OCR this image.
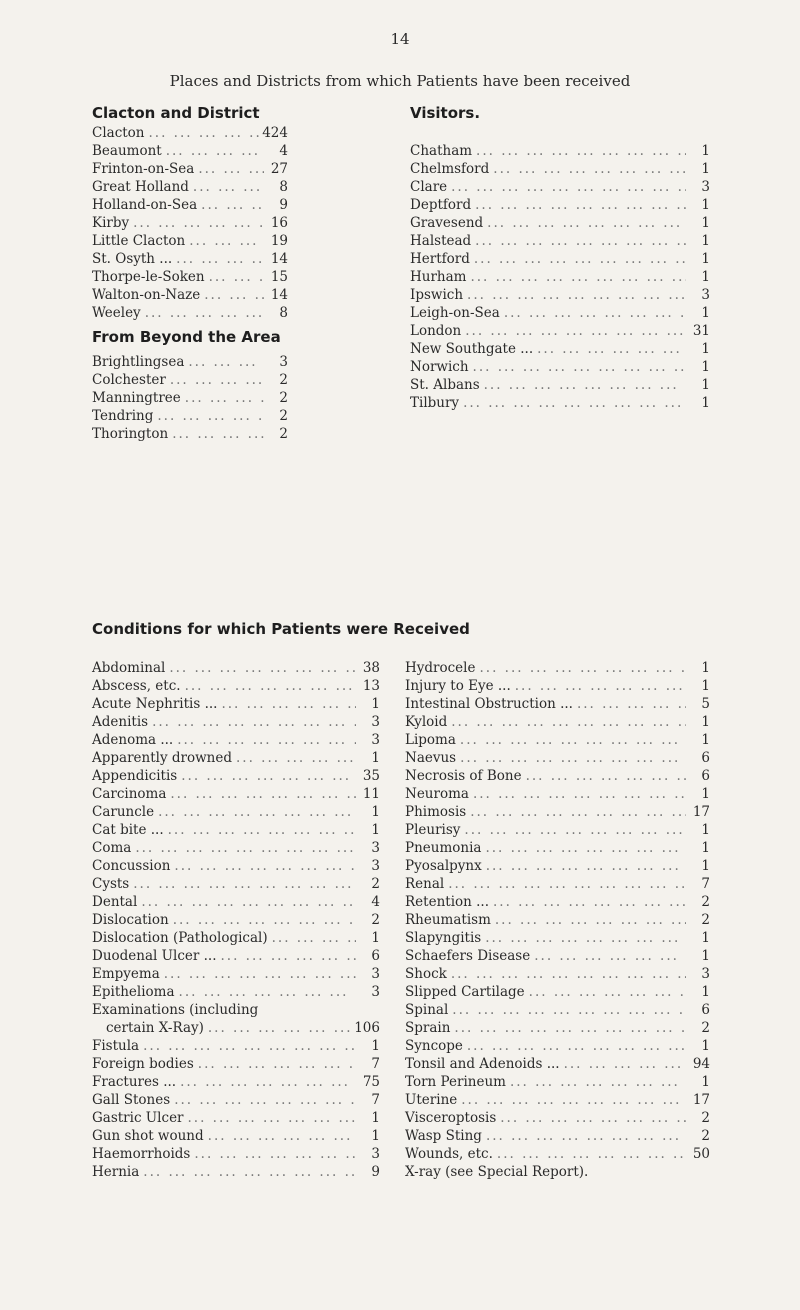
14
Places and Districts from which Patients have been received
Clacton and District
Clacton ... .	424
Beaumont ... .	4
Frinton-on-Sea ... .	27
Great Holland ... .	8
Holland-on-Sea ... .	9
Kirby ... .	16
Little Clacton ... .	19
St. Osyth ... ... .	14
Thorpe-le-Soken ... .	15
Walton-on-Naze ... .	14
Weeley ... .	8
From Beyond the Area
Brightlingsea ... .	3
Colchester ... .	2
Manningtree ... .	2
Tendring ... .	2
Thorington ... .	2
Visitors.
Chatham ... .	1
Chelmsford ... .	1
Clare ... .	3
Deptford ... .	1
Gravesend ... .	1
Halstead ... .	1
Hertford ... .	1
Hurham ... .	1
Ipswich ... .	3
Leigh-on-Sea ... .	1
London ... .	31
New Southgate ... ... .	1
Norwich ... .	1
St. Albans ... .	1
Tilbury ... .	1
Conditions for which Patients were Received
Abdominal ... .	38
Abscess, etc. ... .	13
Acute Nephritis ... ... .	1
Adenitis ... .	3
Adenoma ... ... .	3
Apparently drowned ... .	1
Appendicitis ... .	35
Carcinoma ... .	11
Caruncle ... .	1
Cat bite ... ... .	1
Coma ... .	3
Concussion ... .	3
Cysts ... .	2
Dental ... .	4
Dislocation ... .	2
Dislocation (Pathological) ... .	1
Duodenal Ulcer ... ... .	6
Empyema ... .	3
Epithelioma ... .	3
Examinations (including
certain X-Ray) ... .	106
Fistula ... .	1
Foreign bodies ... .	7
Fractures ... ... .	75
Gall Stones ... .	7
Gastric Ulcer ... .	1
Gun shot wound ... .	1
Haemorrhoids ... .	3
Hernia ... .	9
Hydrocele ... .	1
Injury to Eye ... ... .	1
Intestinal Obstruction ... ... .	5
Kyloid ... .	1
Lipoma ... .	1
Naevus ... .	6
Necrosis of Bone ... .	6
Neuroma ... .	1
Phimosis ... .	17
Pleurisy ... .	1
Pneumonia ... .	1
Pyosalpynx ... .	1
Renal ... .	7
Retention ... ... .	2
Rheumatism ... .	2
Slapyngitis ... .	1
Schaefers Disease ... .	1
Shock ... .	3
Slipped Cartilage ... .	1
Spinal ... .	6
Sprain ... .	2
Syncope ... .	1
Tonsil and Adenoids ... ... .	94
Torn Perineum ... .	1
Uterine ... .	17
Visceroptosis ... .	2
Wasp Sting ... .	2
Wounds, etc. ... .	50
X-ray (see Special Report).
